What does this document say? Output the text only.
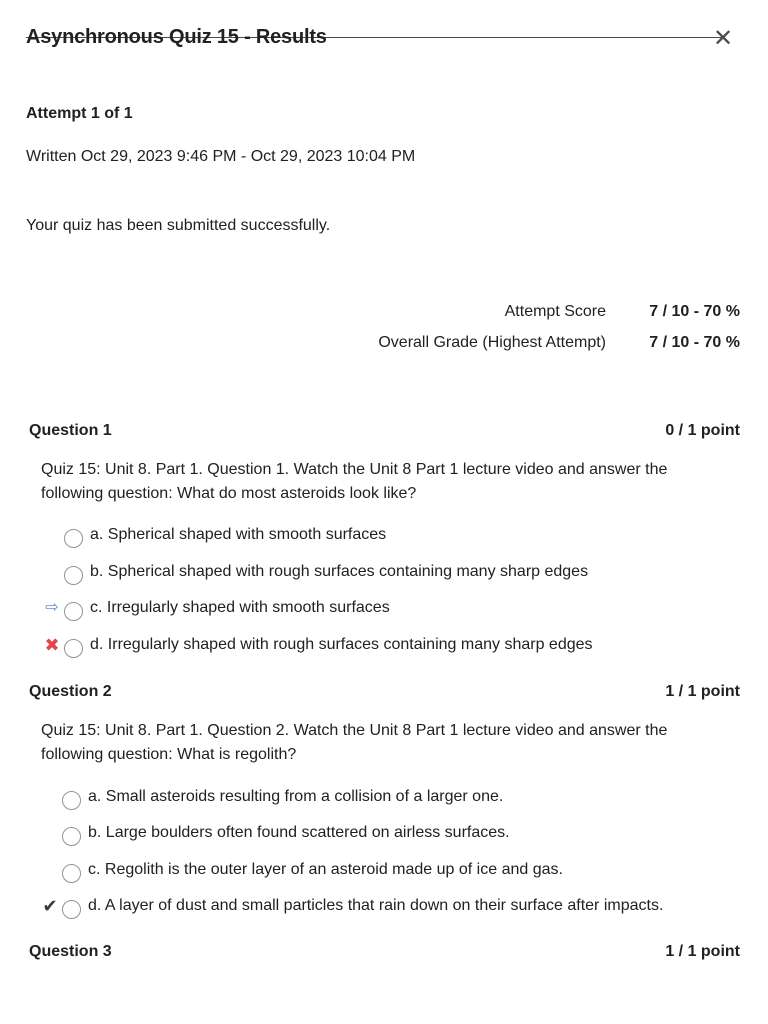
Asynchronous Quiz 15 - Results	✕
Attempt 1 of 1
Written Oct 29, 2023 9:46 PM - Oct 29, 2023 10:04 PM
Your quiz has been submitted successfully.
Attempt Score	7 / 10 - 70 %
Overall Grade (Highest Attempt)	7 / 10 - 70 %
Question 1	0 / 1 point
Quiz 15: Unit 8. Part 1. Question 1. Watch the Unit 8 Part 1 lecture video and answer the following question: What do most asteroids look like?
a. Spherical shaped with smooth surfaces
b. Spherical shaped with rough surfaces containing many sharp edges
⇨ c. Irregularly shaped with smooth surfaces
✖ d. Irregularly shaped with rough surfaces containing many sharp edges
Question 2	1 / 1 point
Quiz 15: Unit 8. Part 1. Question 2. Watch the Unit 8 Part 1 lecture video and answer the following question: What is regolith?
a. Small asteroids resulting from a collision of a larger one.
b. Large boulders often found scattered on airless surfaces.
c. Regolith is the outer layer of an asteroid made up of ice and gas.
✔ d. A layer of dust and small particles that rain down on their surface after impacts.
Question 3	1 / 1 point
